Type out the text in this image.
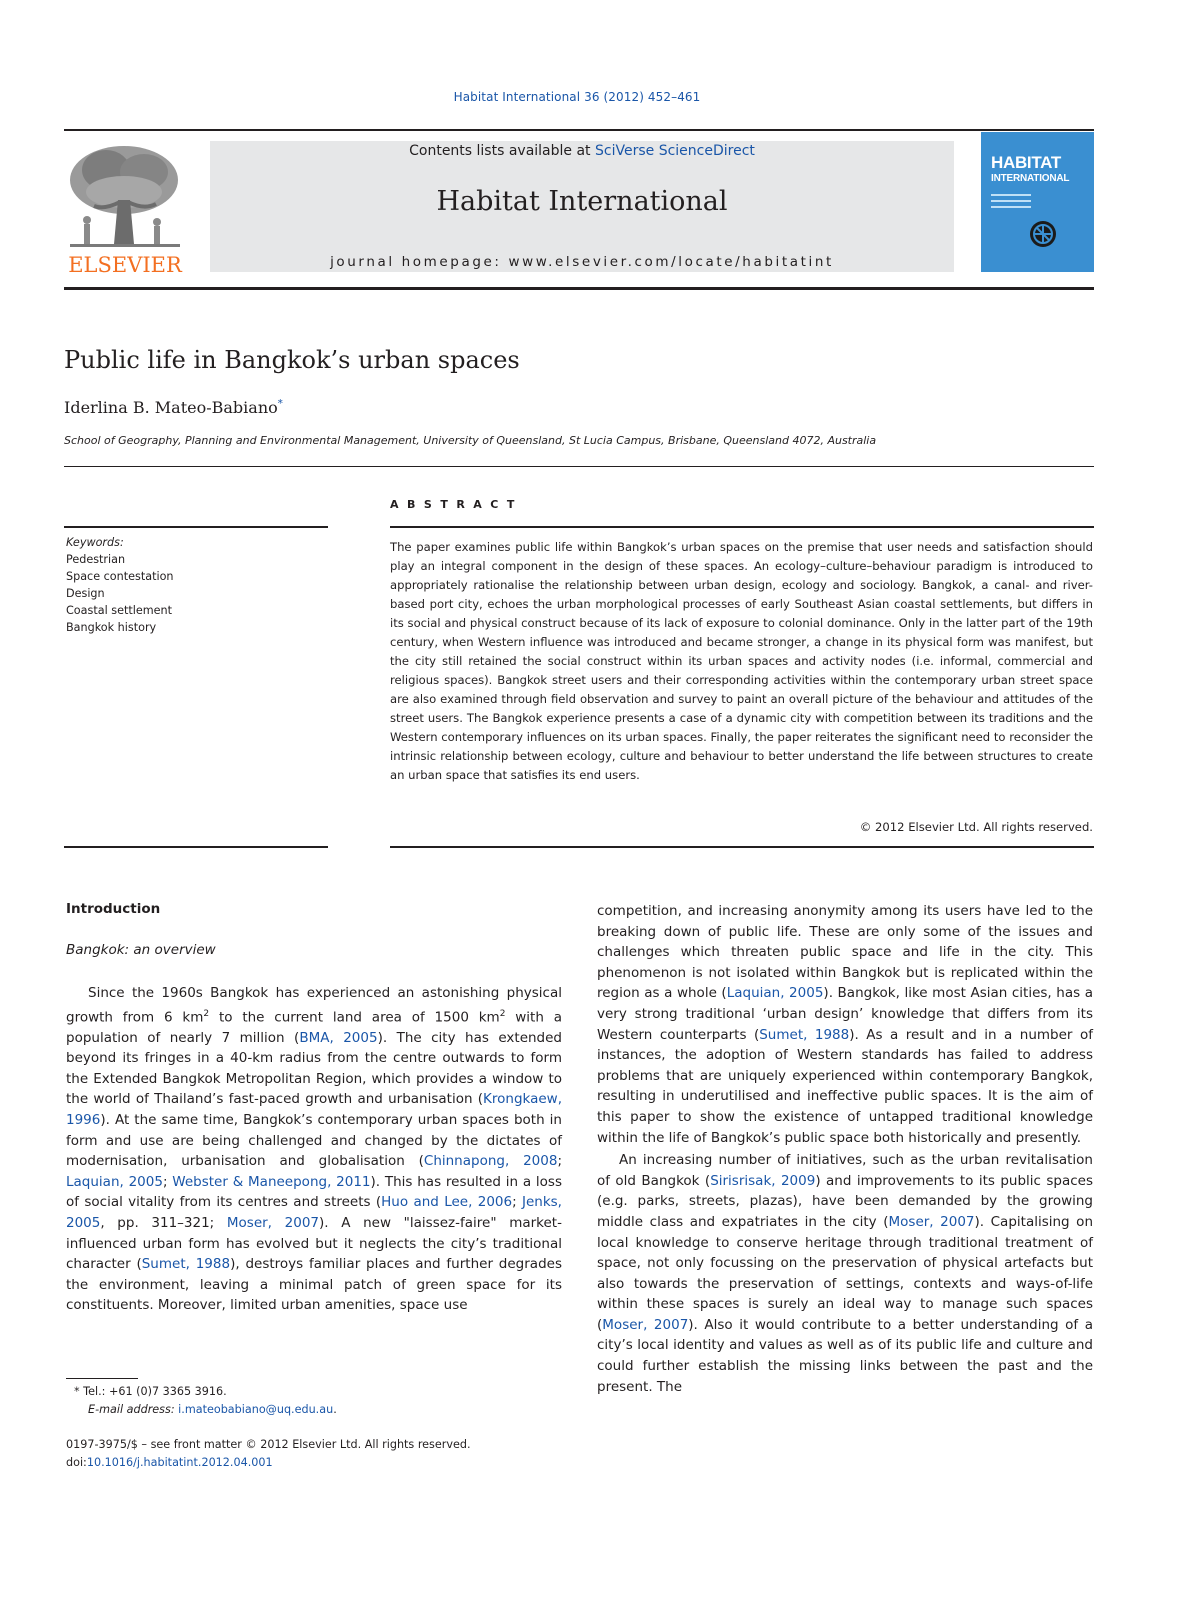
Habitat International 36 (2012) 452–461
ELSEVIER
Contents lists available at SciVerse ScienceDirect
Habitat International
journal homepage: www.elsevier.com/locate/habitatint
HABITAT
INTERNATIONAL
Public life in Bangkok’s urban spaces
Iderlina B. Mateo-Babiano*
School of Geography, Planning and Environmental Management, University of Queensland, St Lucia Campus, Brisbane, Queensland 4072, Australia
ABSTRACT
Keywords:
Pedestrian
Space contestation
Design
Coastal settlement
Bangkok history

The paper examines public life within Bangkok’s urban spaces on the premise that user needs and satisfaction should play an integral component in the design of these spaces. An ecology–culture–behaviour paradigm is introduced to appropriately rationalise the relationship between urban design, ecology and sociology. Bangkok, a canal- and river-based port city, echoes the urban morphological processes of early Southeast Asian coastal settlements, but differs in its social and physical construct because of its lack of exposure to colonial dominance. Only in the latter part of the 19th century, when Western influence was introduced and became stronger, a change in its physical form was manifest, but the city still retained the social construct within its urban spaces and activity nodes (i.e. informal, commercial and religious spaces). Bangkok street users and their corresponding activities within the contemporary urban street space are also examined through field observation and survey to paint an overall picture of the behaviour and attitudes of the street users. The Bangkok experience presents a case of a dynamic city with competition between its traditions and the Western contemporary influences on its urban spaces. Finally, the paper reiterates the significant need to reconsider the intrinsic relationship between ecology, culture and behaviour to better understand the life between structures to create an urban space that satisfies its end users.

© 2012 Elsevier Ltd. All rights reserved.
Introduction
Bangkok: an overview

Since the 1960s Bangkok has experienced an astonishing physical growth from 6 $km^2$ to the current land area of 1500 $km^2$ with a population of nearly 7 million (BMA, 2005). The city has extended beyond its fringes in a 40-km radius from the centre outwards to form the Extended Bangkok Metropolitan Region, which provides a window to the world of Thailand’s fast-paced growth and urbanisation (Krongkaew, 1996). At the same time, Bangkok’s contemporary urban spaces both in form and use are being challenged and changed by the dictates of modernisation, urbanisation and globalisation (Chinnapong, 2008; Laquian, 2005; Webster & Maneepong, 2011). This has resulted in a loss of social vitality from its centres and streets (Huo and Lee, 2006; Jenks, 2005, pp. 311–321; Moser, 2007). A new "laissez-faire" market-influenced urban form has evolved but it neglects the city’s traditional character (Sumet, 1988), destroys familiar places and further degrades the environment, leaving a minimal patch of green space for its constituents. Moreover, limited urban amenities, space use

competition, and increasing anonymity among its users have led to the breaking down of public life. These are only some of the issues and challenges which threaten public space and life in the city. This phenomenon is not isolated within Bangkok but is replicated within the region as a whole (Laquian, 2005). Bangkok, like most Asian cities, has a very strong traditional ‘urban design’ knowledge that differs from its Western counterparts (Sumet, 1988). As a result and in a number of instances, the adoption of Western standards has failed to address problems that are uniquely experienced within contemporary Bangkok, resulting in underutilised and ineffective public spaces. It is the aim of this paper to show the existence of untapped traditional knowledge within the life of Bangkok’s public space both historically and presently.

An increasing number of initiatives, such as the urban revitalisation of old Bangkok (Sirisrisak, 2009) and improvements to its public spaces (e.g. parks, streets, plazas), have been demanded by the growing middle class and expatriates in the city (Moser, 2007). Capitalising on local knowledge to conserve heritage through traditional treatment of space, not only focussing on the preservation of physical artefacts but also towards the preservation of settings, contexts and ways-of-life within these spaces is surely an ideal way to manage such spaces (Moser, 2007). Also it would contribute to a better understanding of a city’s local identity and values as well as of its public life and culture and could further establish the missing links between the past and the present. The

* Tel.: +61 (0)7 3365 3916.
E-mail address: i.mateobabiano@uq.edu.au.
0197-3975/$ – see front matter © 2012 Elsevier Ltd. All rights reserved.
doi:10.1016/j.habitatint.2012.04.001
